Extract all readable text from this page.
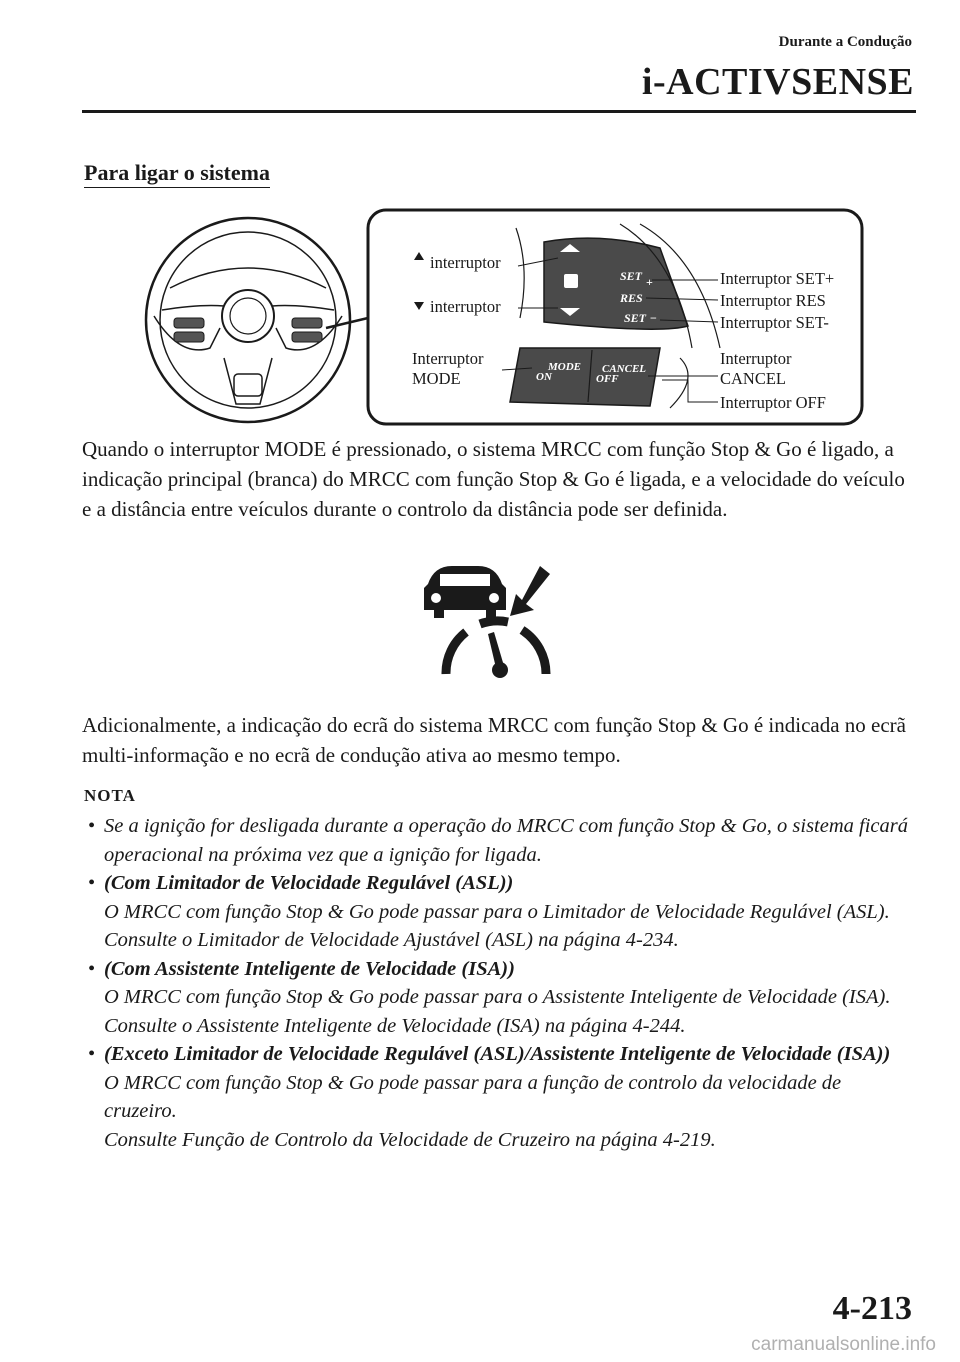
Durante a Condução
i-ACTIVSENSE
Para ligar o sistema
SET +
RES
SET −
MODE
ON
CANCEL
OFF
interruptor
interruptor
Interruptor
MODE
Interruptor SET+
Interruptor RES
Interruptor SET-
Interruptor
CANCEL
Interruptor OFF
Quando o interruptor MODE é pressionado, o sistema MRCC com função Stop & Go é ligado, a indicação principal (branca) do MRCC com função Stop & Go é ligada, e a velocidade do veículo e a distância entre veículos durante o controlo da distância pode ser definida.
Adicionalmente, a indicação do ecrã do sistema MRCC com função Stop & Go é indicada no ecrã multi-informação e no ecrã de condução ativa ao mesmo tempo.
NOTA
• Se a ignição for desligada durante a operação do MRCC com função Stop & Go, o sistema ficará operacional na próxima vez que a ignição for ligada.
• (Com Limitador de Velocidade Regulável (ASL))
O MRCC com função Stop & Go pode passar para o Limitador de Velocidade Regulável (ASL).
Consulte o Limitador de Velocidade Ajustável (ASL) na página 4-234.
• (Com Assistente Inteligente de Velocidade (ISA))
O MRCC com função Stop & Go pode passar para o Assistente Inteligente de Velocidade (ISA).
Consulte o Assistente Inteligente de Velocidade (ISA) na página 4-244.
• (Exceto Limitador de Velocidade Regulável (ASL)/Assistente Inteligente de Velocidade (ISA))
O MRCC com função Stop & Go pode passar para a função de controlo da velocidade de cruzeiro.
Consulte Função de Controlo da Velocidade de Cruzeiro na página 4-219.
4-213
carmanualsonline.info
